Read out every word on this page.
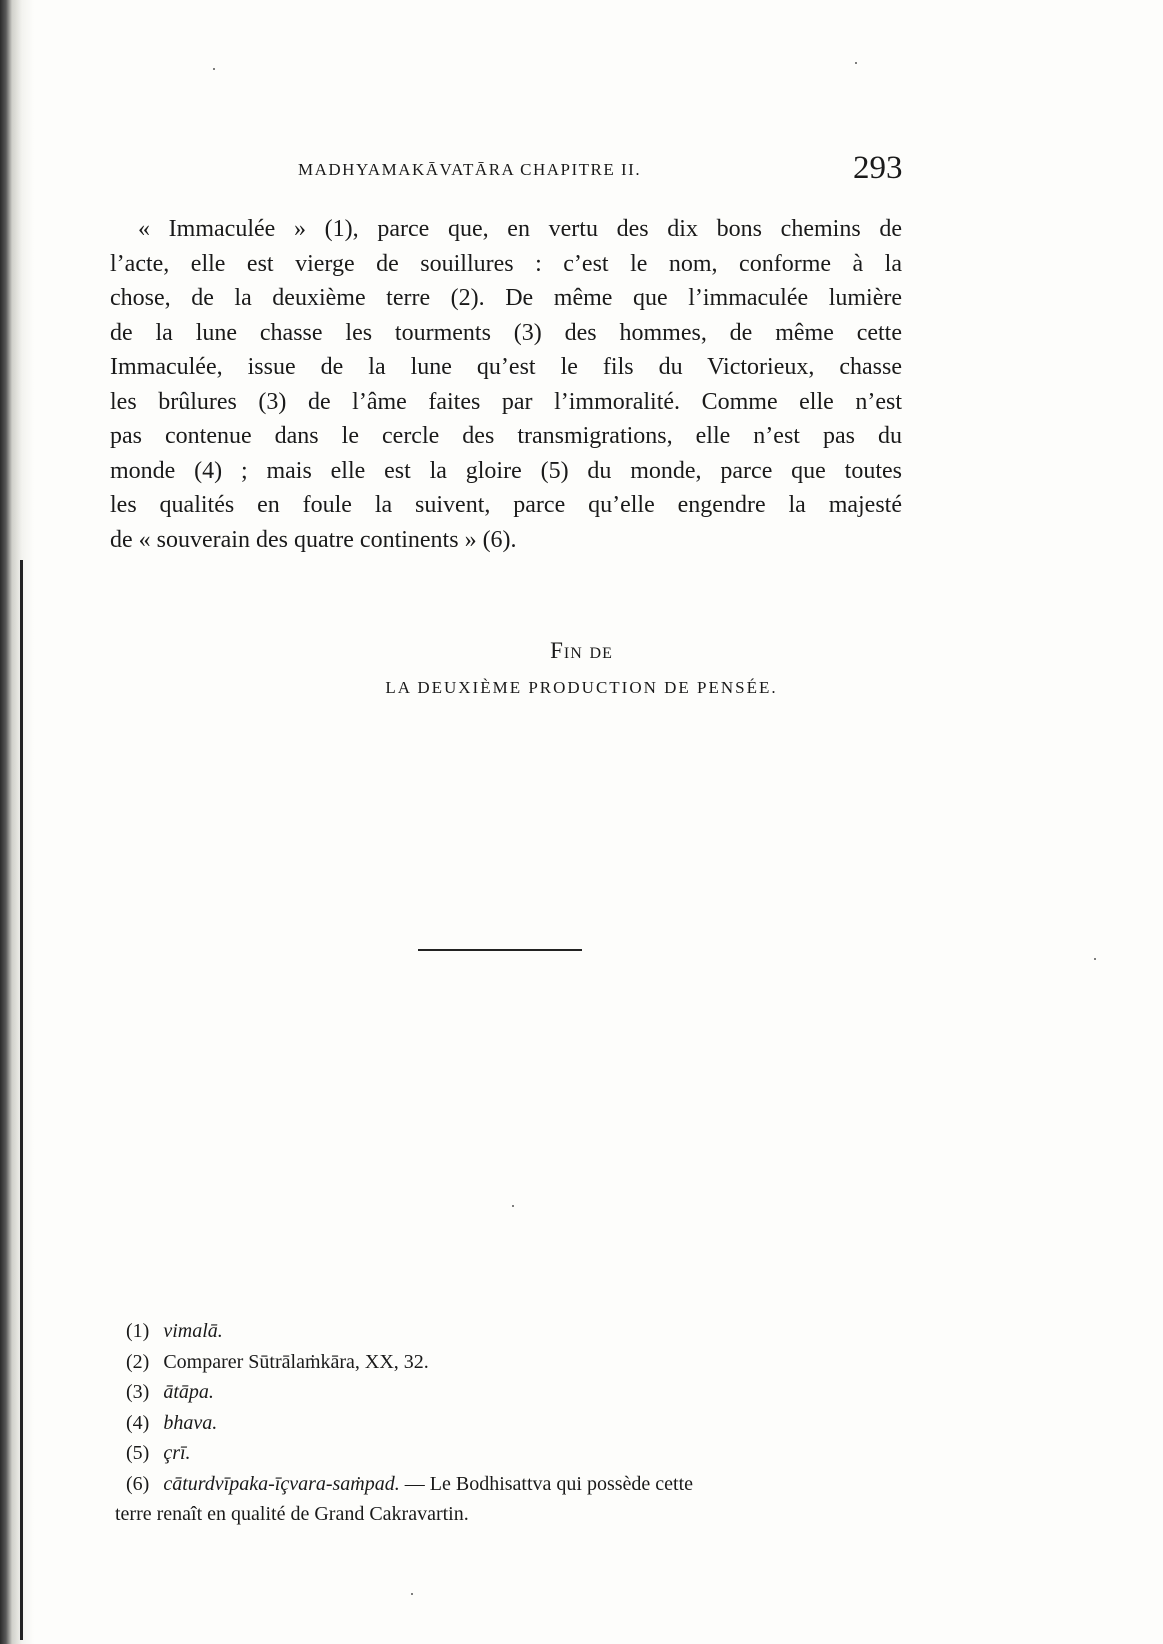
MADHYAMAKĀVATĀRA CHAPITRE II.	293
« Immaculée » (1), parce que, en vertu des dix bons chemins de
l’acte, elle est vierge de souillures : c’est le nom, conforme à la
chose, de la deuxième terre (2). De même que l’immaculée lumière
de la lune chasse les tourments (3) des hommes, de même cette
Immaculée, issue de la lune qu’est le fils du Victorieux, chasse
les brûlures (3) de l’âme faites par l’immoralité. Comme elle n’est
pas contenue dans le cercle des transmigrations, elle n’est pas du
monde (4) ; mais elle est la gloire (5) du monde, parce que toutes
les qualités en foule la suivent, parce qu’elle engendre la majesté
de « souverain des quatre continents » (6).
Fin de
LA DEUXIÈME PRODUCTION DE PENSÉE.
(1) vimalā.
(2) Comparer Sūtrālaṁkāra, XX, 32.
(3) ātāpa.
(4) bhava.
(5) çrī.
(6) cāturdvīpaka-īçvara-saṁpad. — Le Bodhisattva qui possède cette
terre renaît en qualité de Grand Cakravartin.
